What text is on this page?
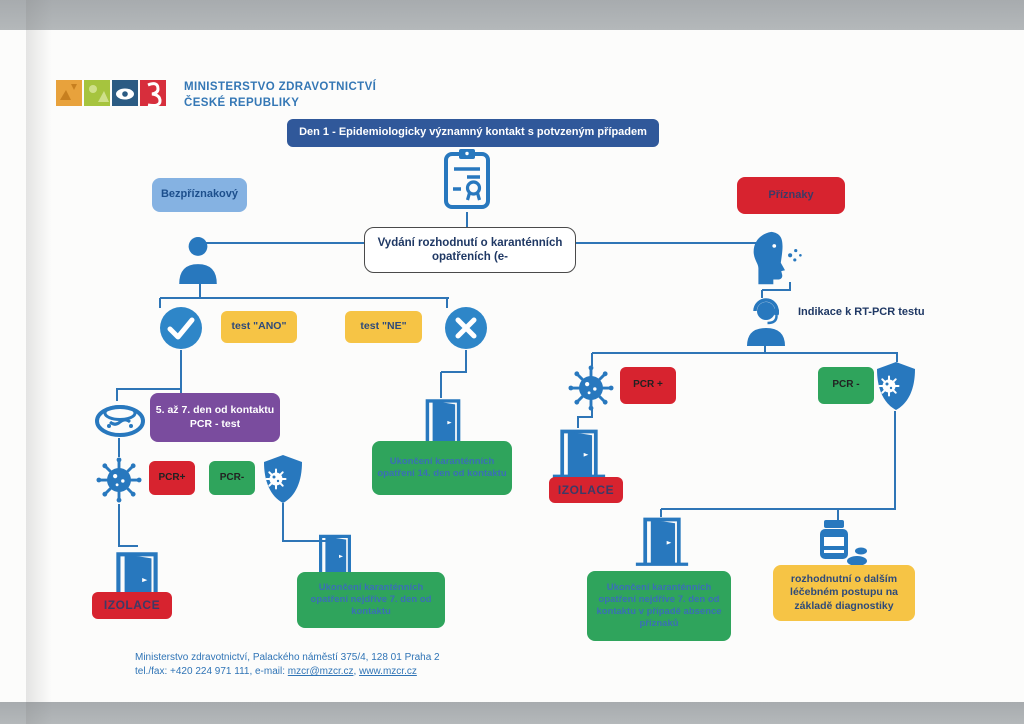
MINISTERSTVO ZDRAVOTNICTVÍ
ČESKÉ REPUBLIKY
Den 1 - Epidemiologicky významný kontakt s potvzeným případem
Bezpříznakový	Příznaky
Vydání rozhodnutí o karanténních opatřeních (e-
test "ANO"	test "NE"
5. až 7. den od kontaktu PCR - test
PCR+	PCR-
IZOLACE
Ukončení karanténních opatření nejdříve 7. den od kontaktu
Ukončení karanténních opatření 14. den od kontaktu
Indikace k RT-PCR testu
PCR +	PCR -
IZOLACE
Ukončení karanténních opatření nejdříve 7. den od kontaktu v případě absence příznaků
rozhodnutní o dalším léčebném postupu na základě diagnostiky
Ministerstvo zdravotnictví, Palackého náměstí 375/4, 128 01 Praha 2
tel./fax: +420 224 971 111, e-mail: mzcr@mzcr.cz, www.mzcr.cz
